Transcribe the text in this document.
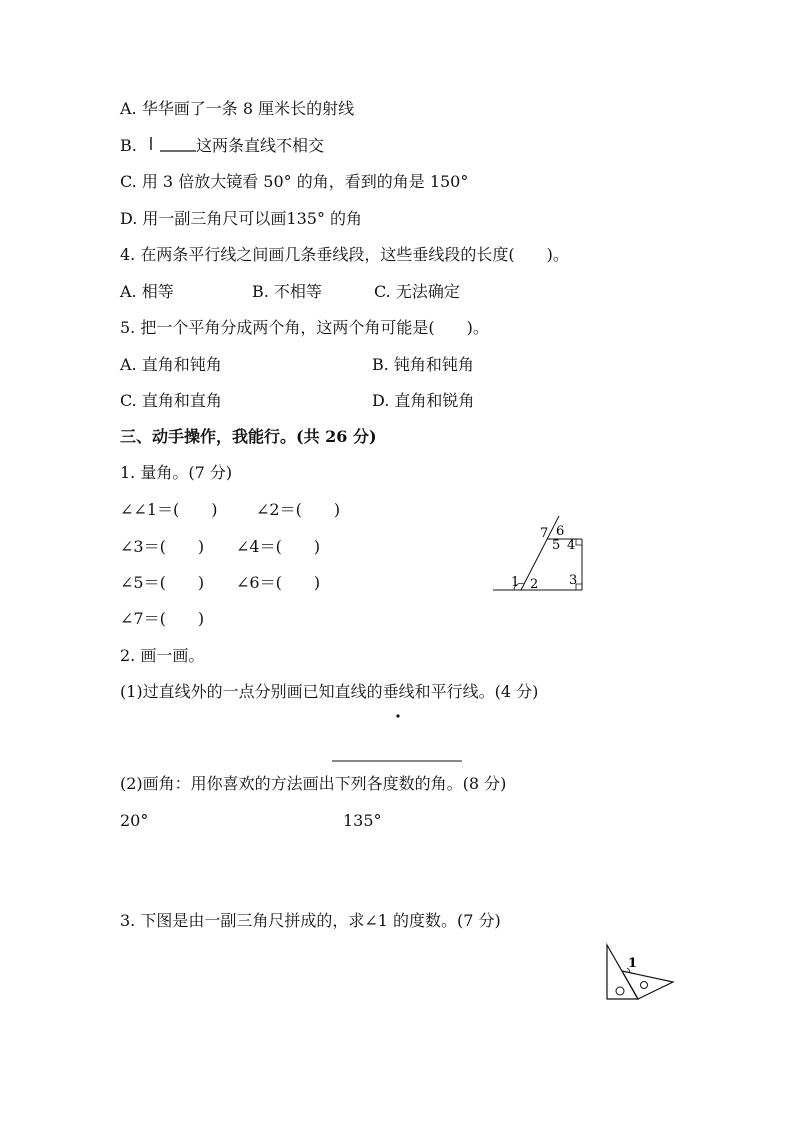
A. 华华画了一条 8 厘米长的射线
B.	这两条直线不相交
C. 用 3 倍放大镜看 50° 的角，看到的角是 150°
D. 用一副三角尺可以画135° 的角
4. 在两条平行线之间画几条垂线段，这些垂线段的长度(　　)。
A. 相等	B. 不相等	C. 无法确定
5. 把一个平角分成两个角，这两个角可能是(　　)。
A. 直角和钝角	B. 钝角和钝角
C. 直角和直角	D. 直角和锐角
三、动手操作，我能行。(共 26 分)
1. 量角。(7 分)
∠∠1＝(　　) ∠2＝(　　)
∠3＝(　　) ∠4＝(　　)
∠5＝(　　) ∠6＝(　　)
∠7＝(　　)
1 2 3
4
5
6
7
2. 画一画。
(1)过直线外的一点分别画已知直线的垂线和平行线。(4 分)
(2)画角：用你喜欢的方法画出下列各度数的角。(8 分)
20°	135°
3. 下图是由一副三角尺拼成的，求∠1 的度数。(7 分)
1
